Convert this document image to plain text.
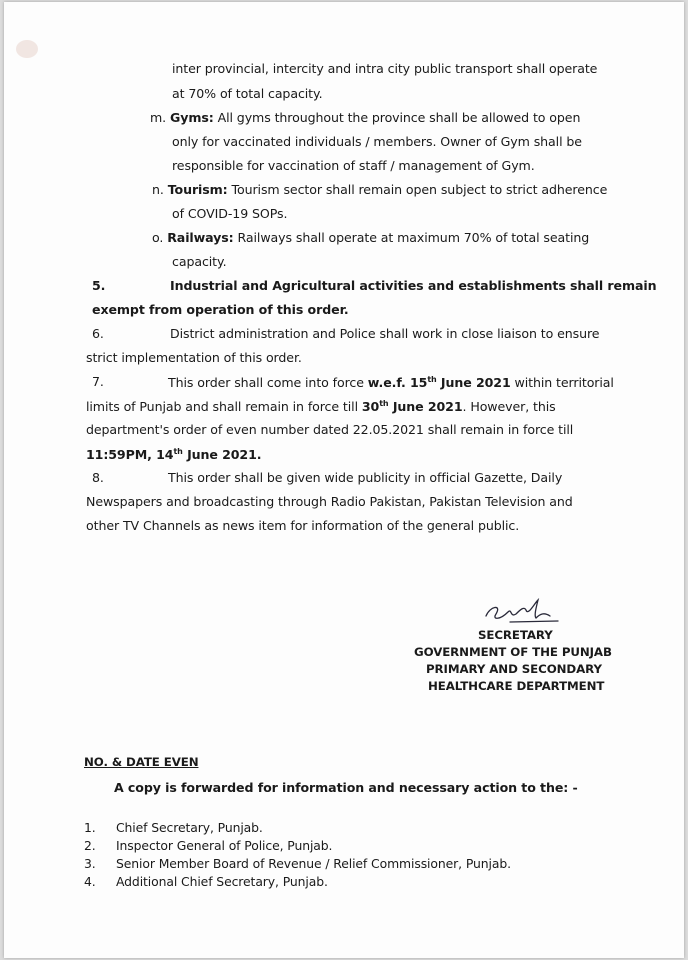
inter provincial, intercity and intra city public transport shall operate
at 70% of total capacity.
m. Gyms: All gyms throughout the province shall be allowed to open
only for vaccinated individuals / members. Owner of Gym shall be
responsible for vaccination of staff / management of Gym.
n. Tourism: Tourism sector shall remain open subject to strict adherence
of COVID-19 SOPs.
o. Railways: Railways shall operate at maximum 70% of total seating
capacity.
5.	Industrial and Agricultural activities and establishments shall remain
exempt from operation of this order.
6.	District administration and Police shall work in close liaison to ensure
strict implementation of this order.
7.	This order shall come into force w.e.f. 15th June 2021 within territorial
limits of Punjab and shall remain in force till 30th June 2021. However, this
department's order of even number dated 22.05.2021 shall remain in force till
11:59PM, 14th June 2021.
8.	This order shall be given wide publicity in official Gazette, Daily
Newspapers and broadcasting through Radio Pakistan, Pakistan Television and
other TV Channels as news item for information of the general public.
SECRETARY
GOVERNMENT OF THE PUNJAB
PRIMARY AND SECONDARY
HEALTHCARE DEPARTMENT
NO. & DATE EVEN
A copy is forwarded for information and necessary action to the: -
1. Chief Secretary, Punjab.
2. Inspector General of Police, Punjab.
3. Senior Member Board of Revenue / Relief Commissioner, Punjab.
4. Additional Chief Secretary, Punjab.
